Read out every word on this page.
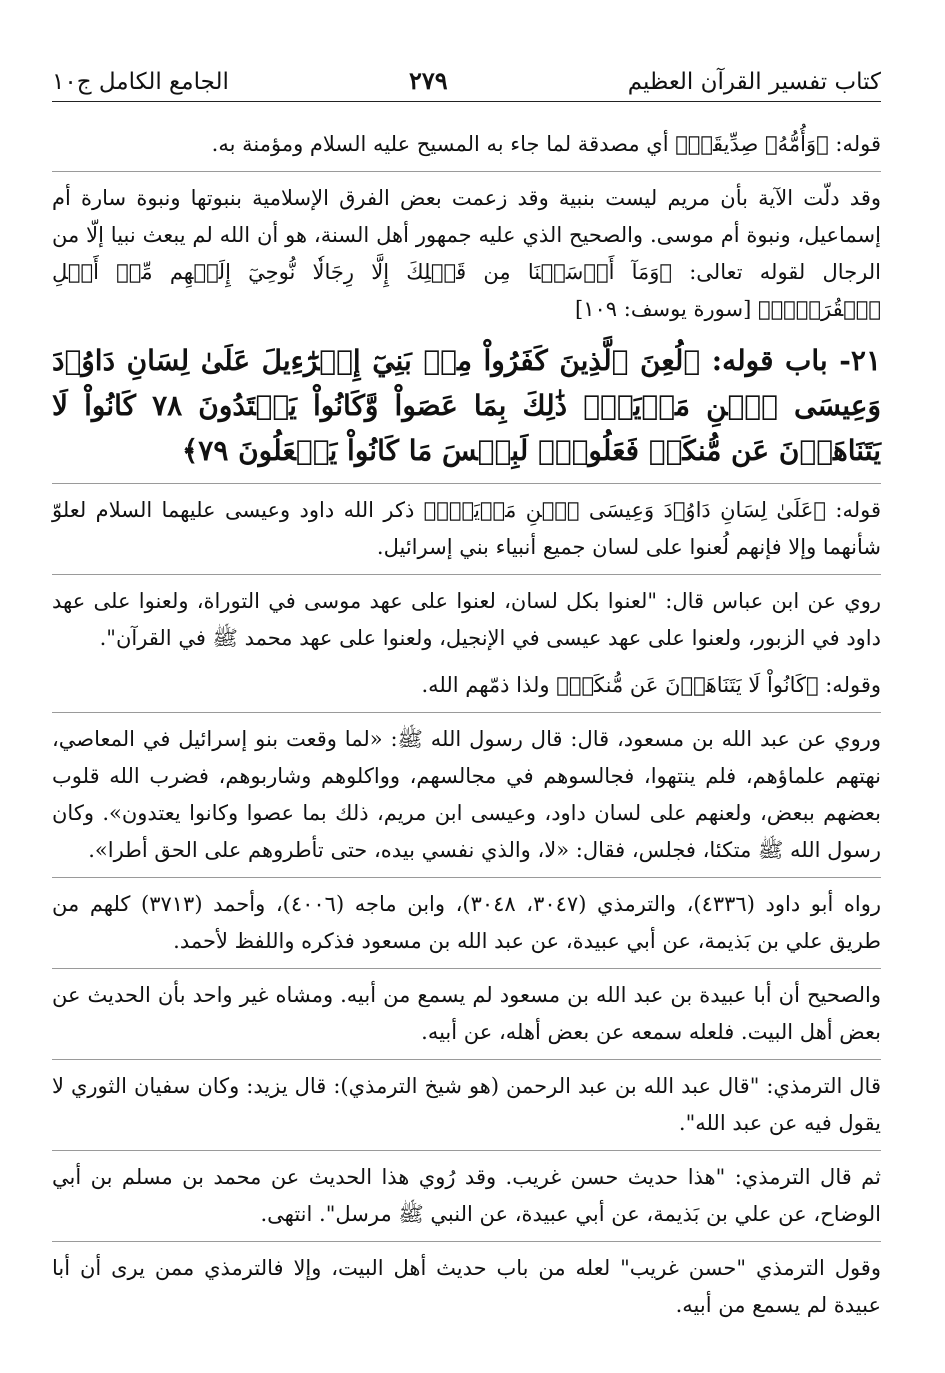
كتاب تفسير القرآن العظيم
٢٧٩
الجامع الكامل ج١٠

قوله: ﴿وَأُمُّهُۥ صِدِّيقَةٞ﴾ أي مصدقة لما جاء به المسيح عليه السلام ومؤمنة به.

وقد دلّت الآية بأن مريم ليست بنبية وقد زعمت بعض الفرق الإسلامية بنبوتها ونبوة سارة أم إسماعيل، ونبوة أم موسى. والصحيح الذي عليه جمهور أهل السنة، هو أن الله لم يبعث نبيا إلّا من الرجال لقوله تعالى: ﴿وَمَآ أَرۡسَلۡنَا مِن قَبۡلِكَ إِلَّا رِجَالٗا نُّوحِيٓ إِلَيۡهِم مِّنۡ أَهۡلِ ٱلۡقُرَىٰٓۗ﴾ [سورة يوسف: ١٠٩]

٢١- باب قوله: ﴿لُعِنَ ٱلَّذِينَ كَفَرُواْ مِنۢ بَنِيٓ إِسۡرَٰٓءِيلَ عَلَىٰ لِسَانِ دَاوُۥدَ وَعِيسَى ٱبۡنِ مَرۡيَمَۚ ذَٰلِكَ بِمَا عَصَواْ وَّكَانُواْ يَعۡتَدُونَ ٧٨ كَانُواْ لَا يَتَنَاهَوۡنَ عَن مُّنكَرٖ فَعَلُوهُۚ لَبِئۡسَ مَا كَانُواْ يَفۡعَلُونَ ٧٩﴾

قوله: ﴿عَلَىٰ لِسَانِ دَاوُۥدَ وَعِيسَى ٱبۡنِ مَرۡيَمَۚ﴾ ذكر الله داود وعيسى عليهما السلام لعلوّ شأنهما وإلا فإنهم لُعنوا على لسان جميع أنبياء بني إسرائيل.

روي عن ابن عباس قال: "لعنوا بكل لسان، لعنوا على عهد موسى في التوراة، ولعنوا على عهد داود في الزبور، ولعنوا على عهد عيسى في الإنجيل، ولعنوا على عهد محمد ﷺ في القرآن".

وقوله: ﴿كَانُواْ لَا يَتَنَاهَوۡنَ عَن مُّنكَرٖ﴾ ولذا ذمّهم الله.

وروي عن عبد الله بن مسعود، قال: قال رسول الله ﷺ: «لما وقعت بنو إسرائيل في المعاصي، نهتهم علماؤهم، فلم ينتهوا، فجالسوهم في مجالسهم، وواكلوهم وشاربوهم، فضرب الله قلوب بعضهم ببعض، ولعنهم على لسان داود، وعيسى ابن مريم، ذلك بما عصوا وكانوا يعتدون». وكان رسول الله ﷺ متكئا، فجلس، فقال: «لا، والذي نفسي بيده، حتى تأطروهم على الحق أطرا».

رواه أبو داود (٤٣٣٦)، والترمذي (٣٠٤٧، ٣٠٤٨)، وابن ماجه (٤٠٠٦)، وأحمد (٣٧١٣) كلهم من طريق علي بن بَذيمة، عن أبي عبيدة، عن عبد الله بن مسعود فذكره واللفظ لأحمد.

والصحيح أن أبا عبيدة بن عبد الله بن مسعود لم يسمع من أبيه. ومشاه غير واحد بأن الحديث عن بعض أهل البيت. فلعله سمعه عن بعض أهله، عن أبيه.

قال الترمذي: "قال عبد الله بن عبد الرحمن (هو شيخ الترمذي): قال يزيد: وكان سفيان الثوري لا يقول فيه عن عبد الله".

ثم قال الترمذي: "هذا حديث حسن غريب. وقد رُوي هذا الحديث عن محمد بن مسلم بن أبي الوضاح، عن علي بن بَذيمة، عن أبي عبيدة، عن النبي ﷺ مرسل". انتهى.

وقول الترمذي "حسن غريب" لعله من باب حديث أهل البيت، وإلا فالترمذي ممن يرى أن أبا عبيدة لم يسمع من أبيه.
